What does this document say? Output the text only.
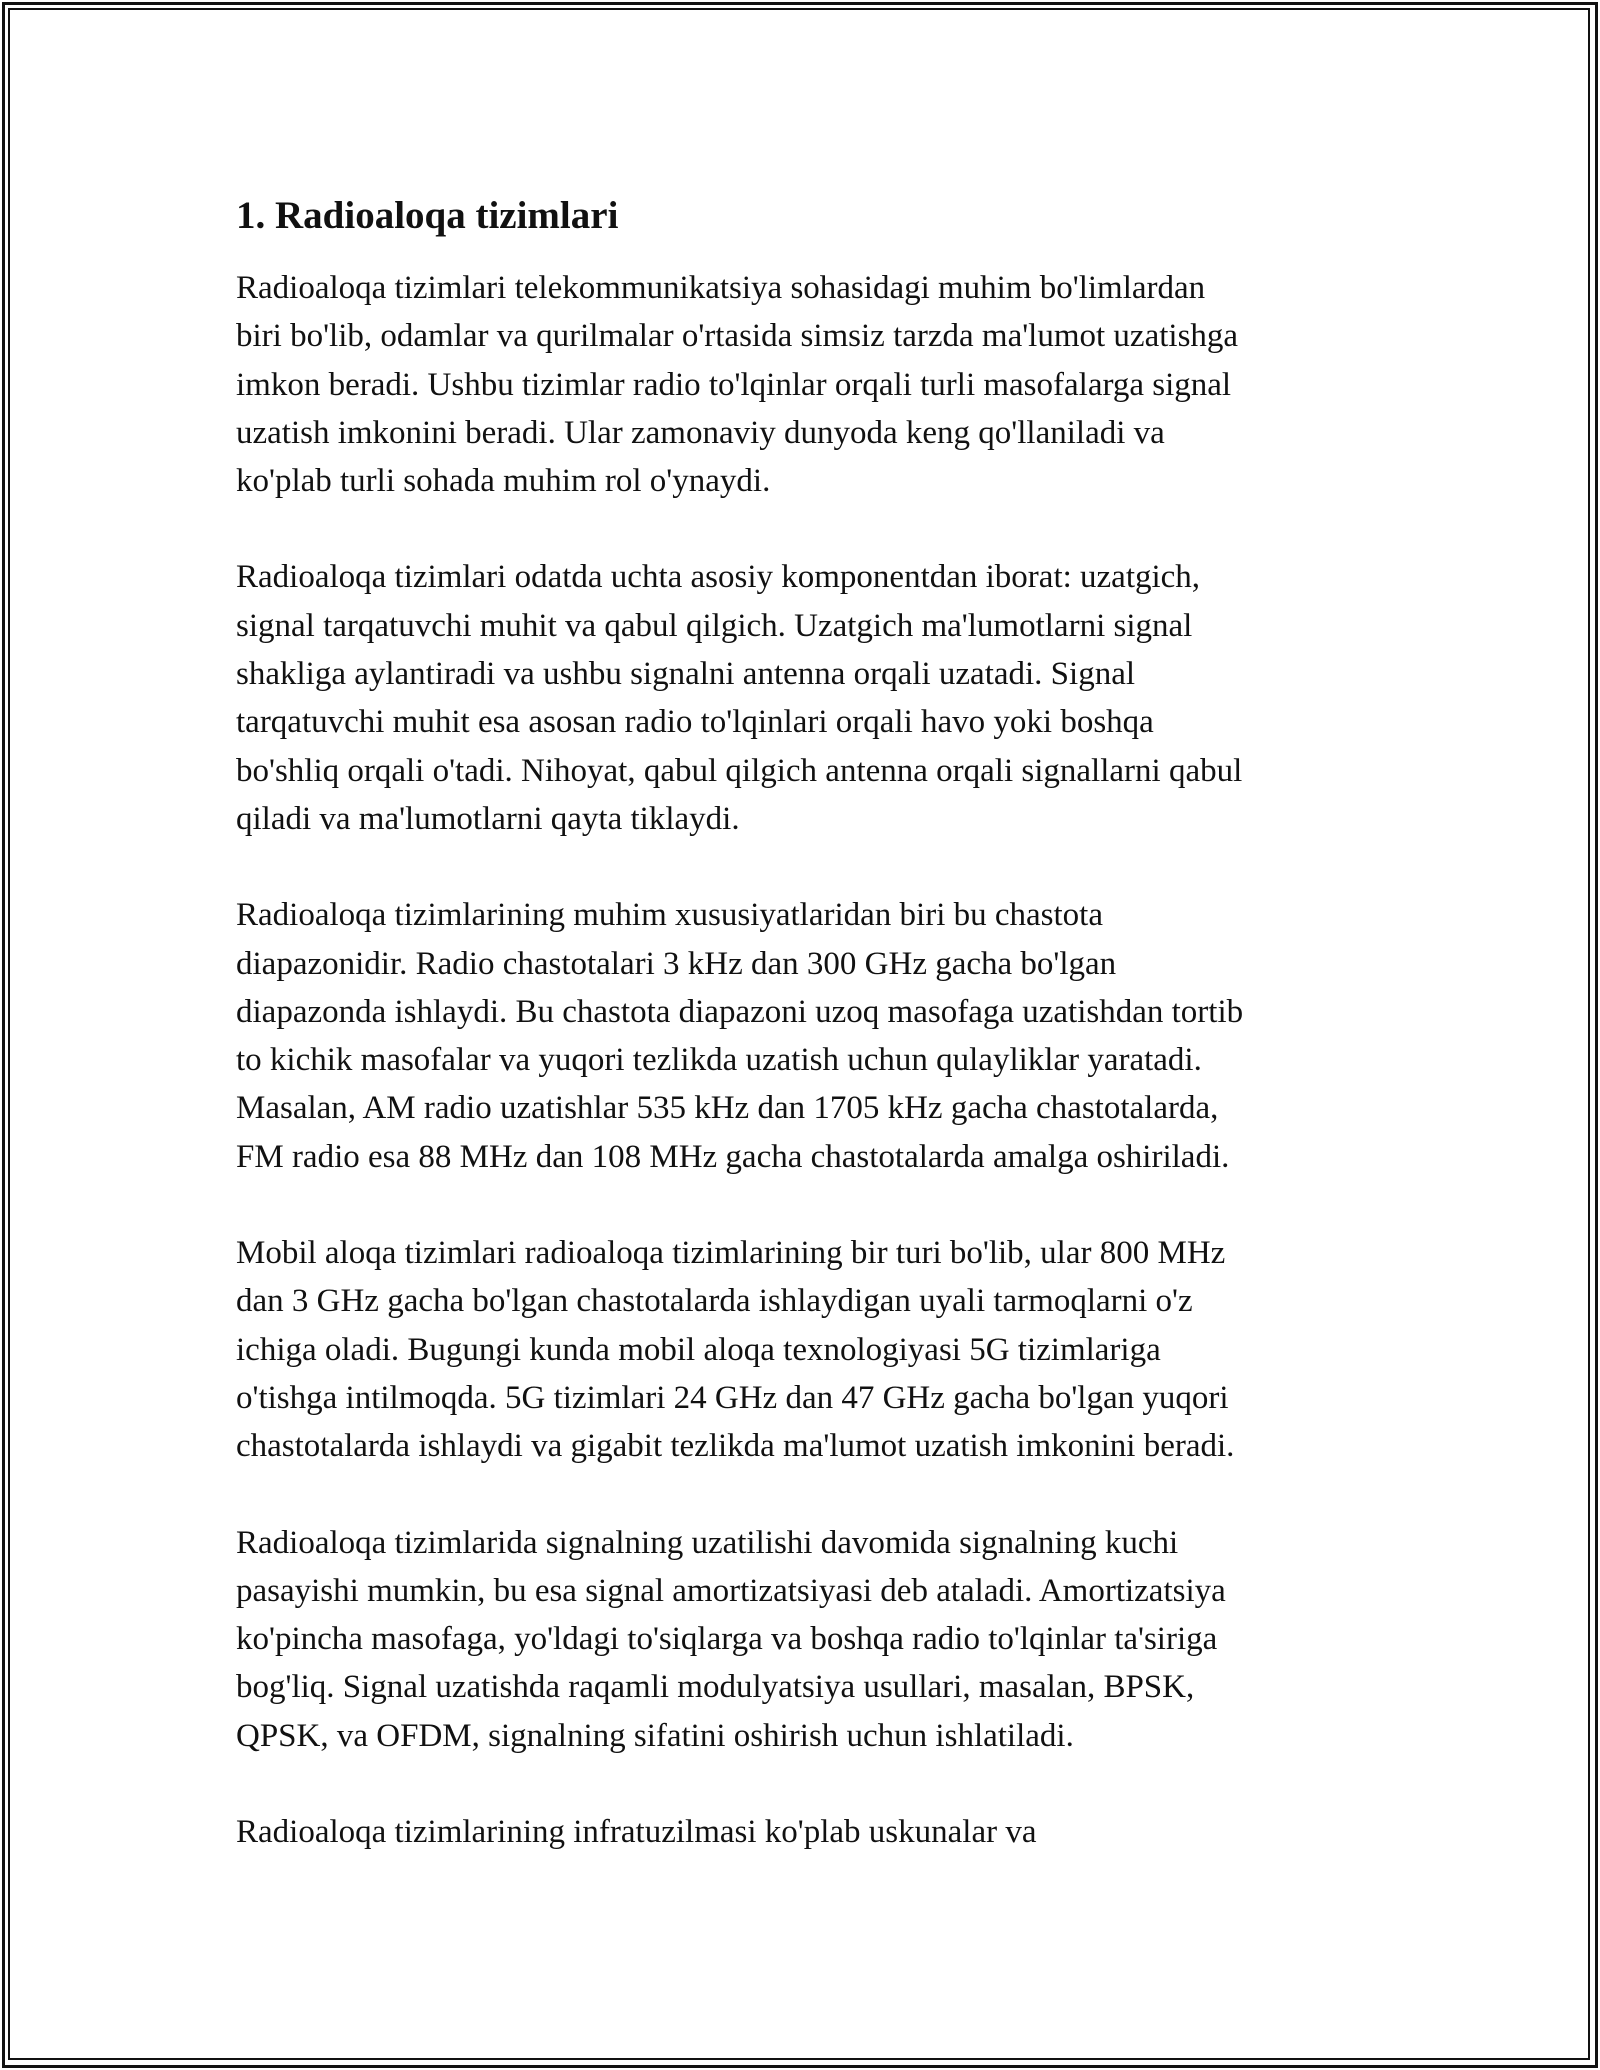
1. Radioaloqa tizimlari

Radioaloqa tizimlari telekommunikatsiya sohasidagi muhim bo'limlardan
biri bo'lib, odamlar va qurilmalar o'rtasida simsiz tarzda ma'lumot uzatishga
imkon beradi. Ushbu tizimlar radio to'lqinlar orqali turli masofalarga signal
uzatish imkonini beradi. Ular zamonaviy dunyoda keng qo'llaniladi va
ko'plab turli sohada muhim rol o'ynaydi.

Radioaloqa tizimlari odatda uchta asosiy komponentdan iborat: uzatgich,
signal tarqatuvchi muhit va qabul qilgich. Uzatgich ma'lumotlarni signal
shakliga aylantiradi va ushbu signalni antenna orqali uzatadi. Signal
tarqatuvchi muhit esa asosan radio to'lqinlari orqali havo yoki boshqa
bo'shliq orqali o'tadi. Nihoyat, qabul qilgich antenna orqali signallarni qabul
qiladi va ma'lumotlarni qayta tiklaydi.

Radioaloqa tizimlarining muhim xususiyatlaridan biri bu chastota
diapazonidir. Radio chastotalari 3 kHz dan 300 GHz gacha bo'lgan
diapazonda ishlaydi. Bu chastota diapazoni uzoq masofaga uzatishdan tortib
to kichik masofalar va yuqori tezlikda uzatish uchun qulayliklar yaratadi.
Masalan, AM radio uzatishlar 535 kHz dan 1705 kHz gacha chastotalarda,
FM radio esa 88 MHz dan 108 MHz gacha chastotalarda amalga oshiriladi.

Mobil aloqa tizimlari radioaloqa tizimlarining bir turi bo'lib, ular 800 MHz
dan 3 GHz gacha bo'lgan chastotalarda ishlaydigan uyali tarmoqlarni o'z
ichiga oladi. Bugungi kunda mobil aloqa texnologiyasi 5G tizimlariga
o'tishga intilmoqda. 5G tizimlari 24 GHz dan 47 GHz gacha bo'lgan yuqori
chastotalarda ishlaydi va gigabit tezlikda ma'lumot uzatish imkonini beradi.

Radioaloqa tizimlarida signalning uzatilishi davomida signalning kuchi
pasayishi mumkin, bu esa signal amortizatsiyasi deb ataladi. Amortizatsiya
ko'pincha masofaga, yo'ldagi to'siqlarga va boshqa radio to'lqinlar ta'siriga
bog'liq. Signal uzatishda raqamli modulyatsiya usullari, masalan, BPSK,
QPSK, va OFDM, signalning sifatini oshirish uchun ishlatiladi.

Radioaloqa tizimlarining infratuzilmasi ko'plab uskunalar va
